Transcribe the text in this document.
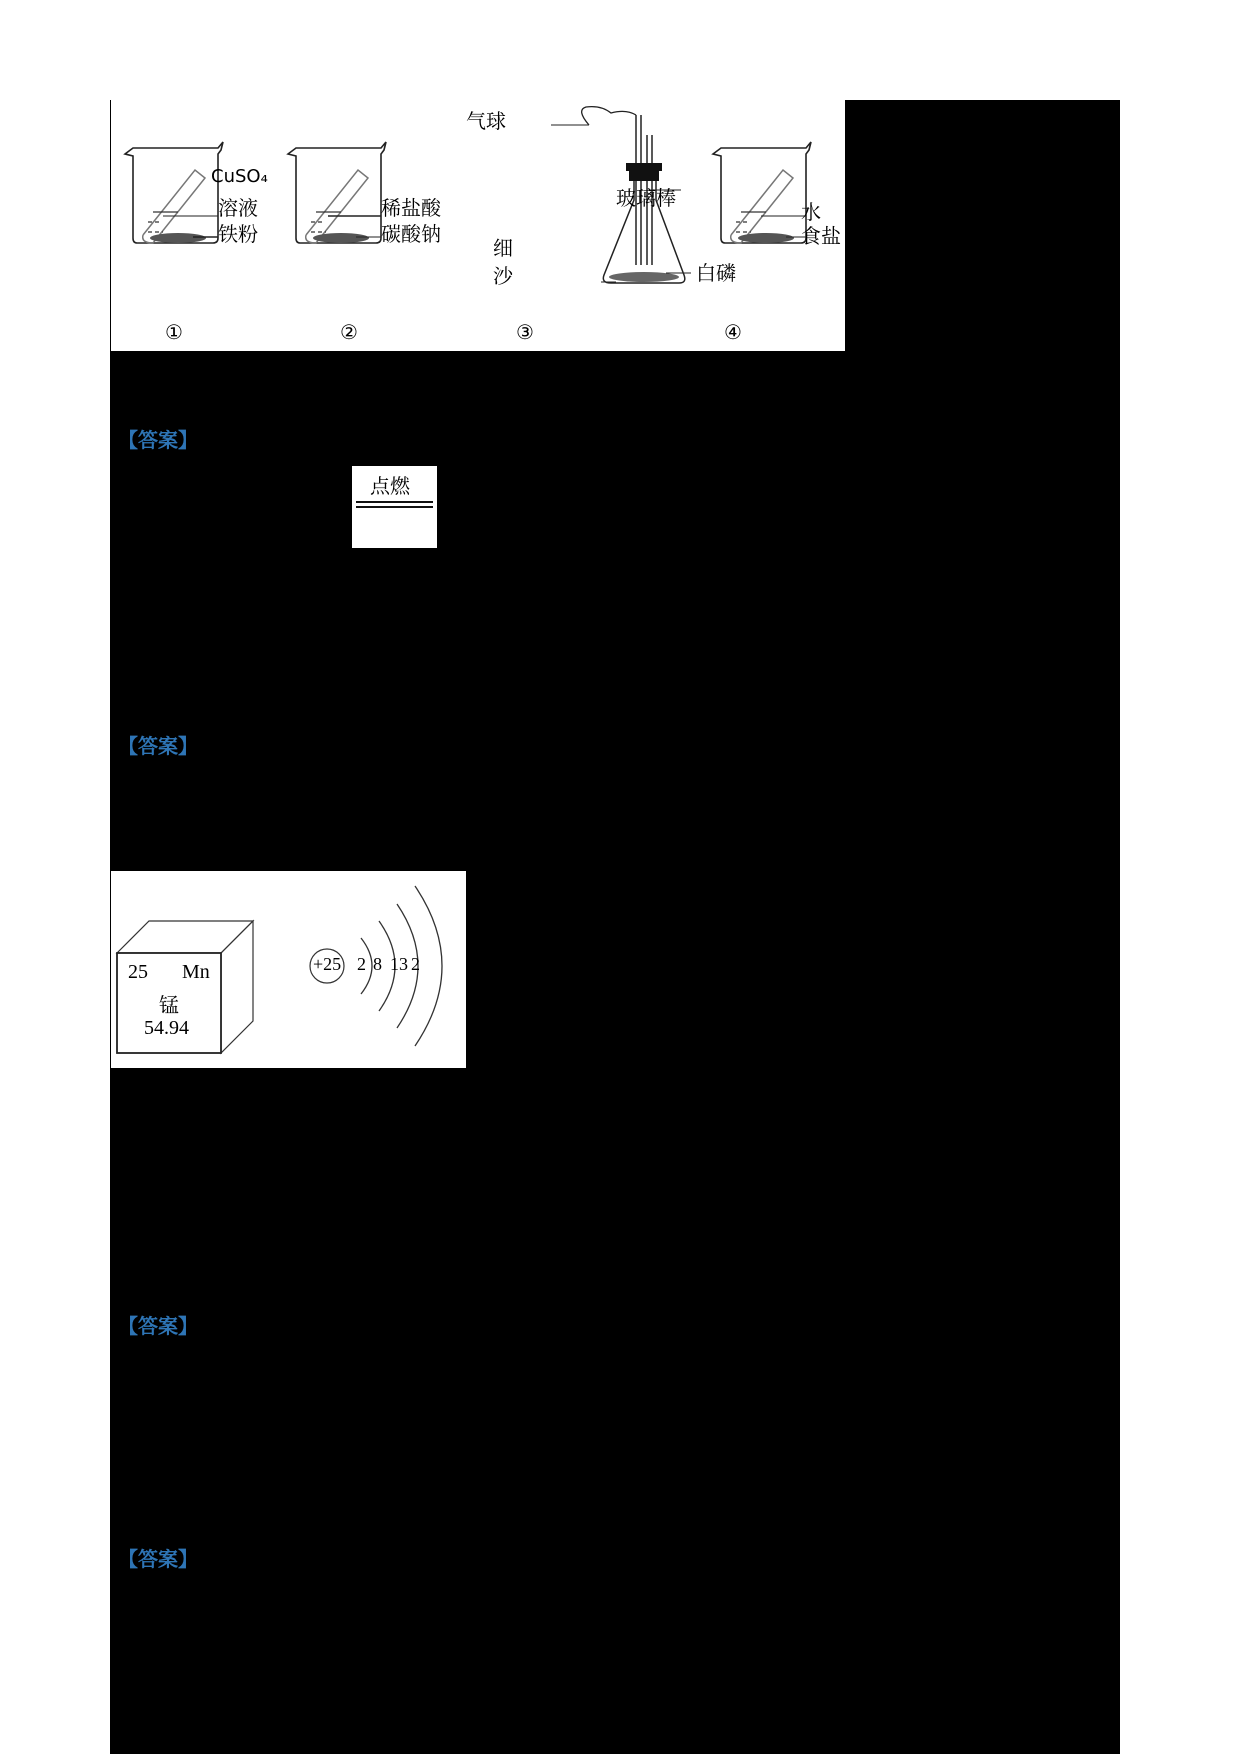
CuSO₄
溶液
铁粉
稀盐酸
碳酸钠
气球
玻璃棒
细
沙	白磷
水
食盐
①	②	③	④
【答案】
点燃
【答案】
25 Mn
锰
54.94
+25 2 8 13 2
【答案】
【答案】
